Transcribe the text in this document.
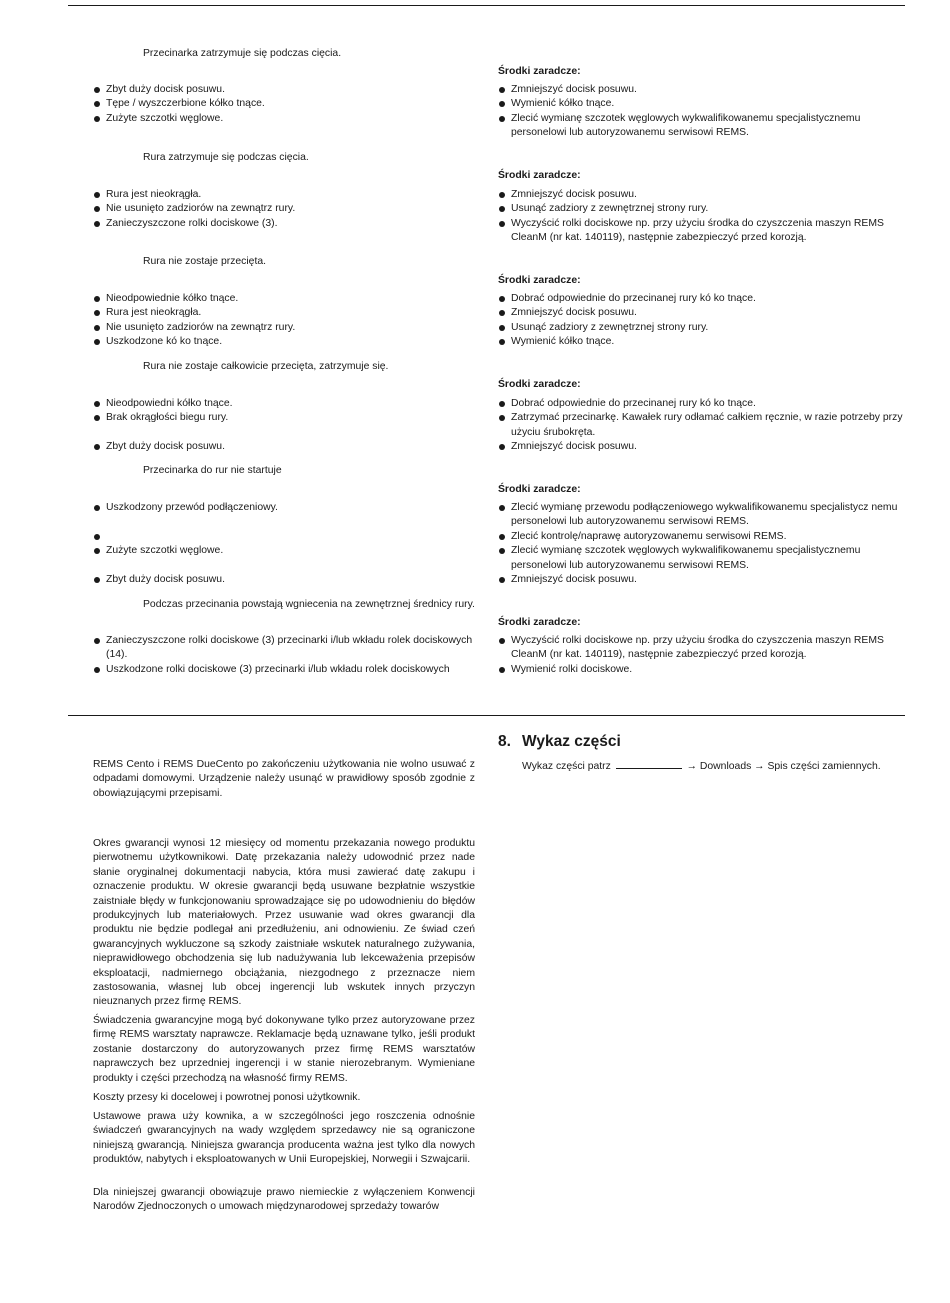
Przecinarka zatrzymuje się podczas cięcia.
Środki zaradcze:
Zbyt duży docisk posuwu.
Tępe / wyszczerbione kółko tnące.
Zużyte szczotki węglowe.
Zmniejszyć docisk posuwu.
Wymienić kółko tnące.
Zlecić wymianę szczotek węglowych wykwalifikowanemu specjalistycznemu personelowi lub autoryzowanemu serwisowi REMS.
Rura zatrzymuje się podczas cięcia.
Środki zaradcze:
Rura jest nieokrągła.
Nie usunięto zadziorów na zewnątrz rury.
Zanieczyszczone rolki dociskowe (3).
Zmniejszyć docisk posuwu.
Usunąć zadziory z zewnętrznej strony rury.
Wyczyścić rolki dociskowe np. przy użyciu środka do czyszczenia maszyn REMS CleanM (nr kat. 140119), następnie zabezpieczyć przed korozją.
Rura nie zostaje przecięta.
Środki zaradcze:
Nieodpowiednie kółko tnące.
Rura jest nieokrągła.
Nie usunięto zadziorów na zewnątrz rury.
Uszkodzone kó ko tnące.
Dobrać odpowiednie do przecinanej rury kó ko tnące.
Zmniejszyć docisk posuwu.
Usunąć zadziory z zewnętrznej strony rury.
Wymienić kółko tnące.
Rura nie zostaje całkowicie przecięta, zatrzymuje się.
Środki zaradcze:
Nieodpowiedni kółko tnące.
Brak okrągłości biegu rury.
Zbyt duży docisk posuwu.
Dobrać odpowiednie do przecinanej rury kó ko tnące.
Zatrzymać przecinarkę. Kawałek rury odłamać całkiem ręcznie, w razie potrzeby przy użyciu śrubokręta.
Zmniejszyć docisk posuwu.
Przecinarka do rur nie startuje
Środki zaradcze:
Uszkodzony przewód podłączeniowy.
Zużyte szczotki węglowe.
Zbyt duży docisk posuwu.
Zlecić wymianę przewodu podłączeniowego wykwalifikowanemu specjalistycz nemu personelowi lub autoryzowanemu serwisowi REMS.
Zlecić kontrolę/naprawę autoryzowanemu serwisowi REMS.
Zlecić wymianę szczotek węglowych wykwalifikowanemu specjalistycznemu personelowi lub autoryzowanemu serwisowi REMS.
Zmniejszyć docisk posuwu.
Podczas przecinania powstają wgniecenia na zewnętrznej średnicy rury.
Środki zaradcze:
Zanieczyszczone rolki dociskowe (3) przecinarki i/lub wkładu rolek dociskowych (14).
Uszkodzone rolki dociskowe (3) przecinarki i/lub wkładu rolek dociskowych
Wyczyścić rolki dociskowe np. przy użyciu środka do czyszczenia maszyn REMS CleanM (nr kat. 140119), następnie zabezpieczyć przed korozją.
Wymienić rolki dociskowe.
8. Wykaz części
Wykaz części patrz	→ Downloads → Spis części zamiennych.

REMS Cento i REMS DueCento po zakończeniu użytkowania nie wolno usuwać z odpadami domowymi. Urządzenie należy usunąć w prawidłowy sposób zgodnie z obowiązującymi przepisami.

Okres gwarancji wynosi 12 miesięcy od momentu przekazania nowego produktu pierwotnemu użytkownikowi. Datę przekazania należy udowodnić przez nade słanie oryginalnej dokumentacji nabycia, która musi zawierać datę zakupu i oznaczenie produktu. W okresie gwarancji będą usuwane bezpłatnie wszystkie zaistniałe błędy w funkcjonowaniu sprowadzające się po udowodnieniu do błędów produkcyjnych lub materiałowych. Przez usuwanie wad okres gwarancji dla produktu nie będzie podlegał ani przedłużeniu, ani odnowieniu. Ze świad czeń gwarancyjnych wykluczone są szkody zaistniałe wskutek naturalnego zużywania, nieprawidłowego obchodzenia się lub nadużywania lub lekceważenia przepisów eksploatacji, nadmiernego obciążania, niezgodnego z przeznacze niem zastosowania, własnej lub obcej ingerencji lub wskutek innych przyczyn nieuznanych przez firmę REMS.

Świadczenia gwarancyjne mogą być dokonywane tylko przez autoryzowane przez firmę REMS warsztaty naprawcze. Reklamacje będą uznawane tylko, jeśli produkt zostanie dostarczony do autoryzowanych przez firmę REMS warsztatów naprawczych bez uprzedniej ingerencji i w stanie nierozebranym. Wymieniane produkty i części przechodzą na własność firmy REMS.

Koszty przesy ki docelowej i powrotnej ponosi użytkownik.

Ustawowe prawa uży kownika, a w szczególności jego roszczenia odnośnie świadczeń gwarancyjnych na wady względem sprzedawcy nie są ograniczone niniejszą gwarancją. Niniejsza gwarancja producenta ważna jest tylko dla nowych produktów, nabytych i eksploatowanych w Unii Europejskiej, Norwegii i Szwajcarii.

Dla niniejszej gwarancji obowiązuje prawo niemieckie z wyłączeniem Konwencji Narodów Zjednoczonych o umowach międzynarodowej sprzedaży towarów
